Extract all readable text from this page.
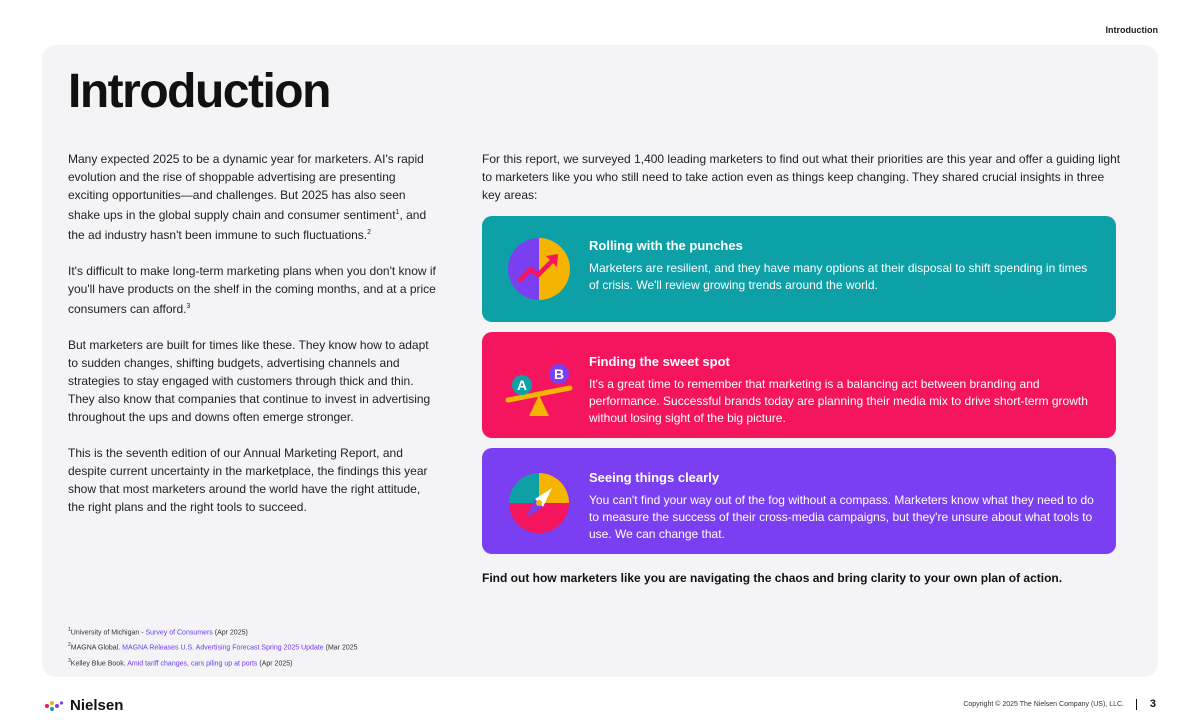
Introduction
Introduction

Many expected 2025 to be a dynamic year for marketers. AI's rapid evolution and the rise of shoppable advertising are presenting exciting opportunities—and challenges. But 2025 has also seen shake ups in the global supply chain and consumer sentiment$^1$, and the ad industry hasn't been immune to such fluctuations.$^2$

It's difficult to make long-term marketing plans when you don't know if you'll have products on the shelf in the coming months, and at a price consumers can afford.$^3$

But marketers are built for times like these. They know how to adapt to sudden changes, shifting budgets, advertising channels and strategies to stay engaged with customers through thick and thin. They also know that companies that continue to invest in advertising throughout the ups and downs often emerge stronger.

This is the seventh edition of our Annual Marketing Report, and despite current uncertainty in the marketplace, the findings this year show that most marketers around the world have the right attitude, the right plans and the right tools to succeed.

For this report, we surveyed 1,400 leading marketers to find out what their priorities are this year and offer a guiding light to marketers like you who still need to take action even as things keep changing. They shared crucial insights in three key areas:
Rolling with the punches
Marketers are resilient, and they have many options at their disposal to shift spending in times of crisis. We'll review growing trends around the world.
A
B
Finding the sweet spot
It's a great time to remember that marketing is a balancing act between branding and performance. Successful brands today are planning their media mix to drive short-term growth without losing sight of the big picture.
Seeing things clearly
You can't find your way out of the fog without a compass. Marketers know what they need to do to measure the success of their cross-media campaigns, but they're unsure about what tools to use. We can change that.
Find out how marketers like you are navigating the chaos and bring clarity to your own plan of action.
$^1$University of Michigan - Survey of Consumers (Apr 2025)
$^2$MAGNA Global. MAGNA Releases U.S. Advertising Forecast Spring 2025 Update (Mar 2025
$^3$Kelley Blue Book. Amid tariff changes, cars piling up at ports (Apr 2025)
Nielsen	Copyright © 2025 The Nielsen Company (US), LLC. 3
